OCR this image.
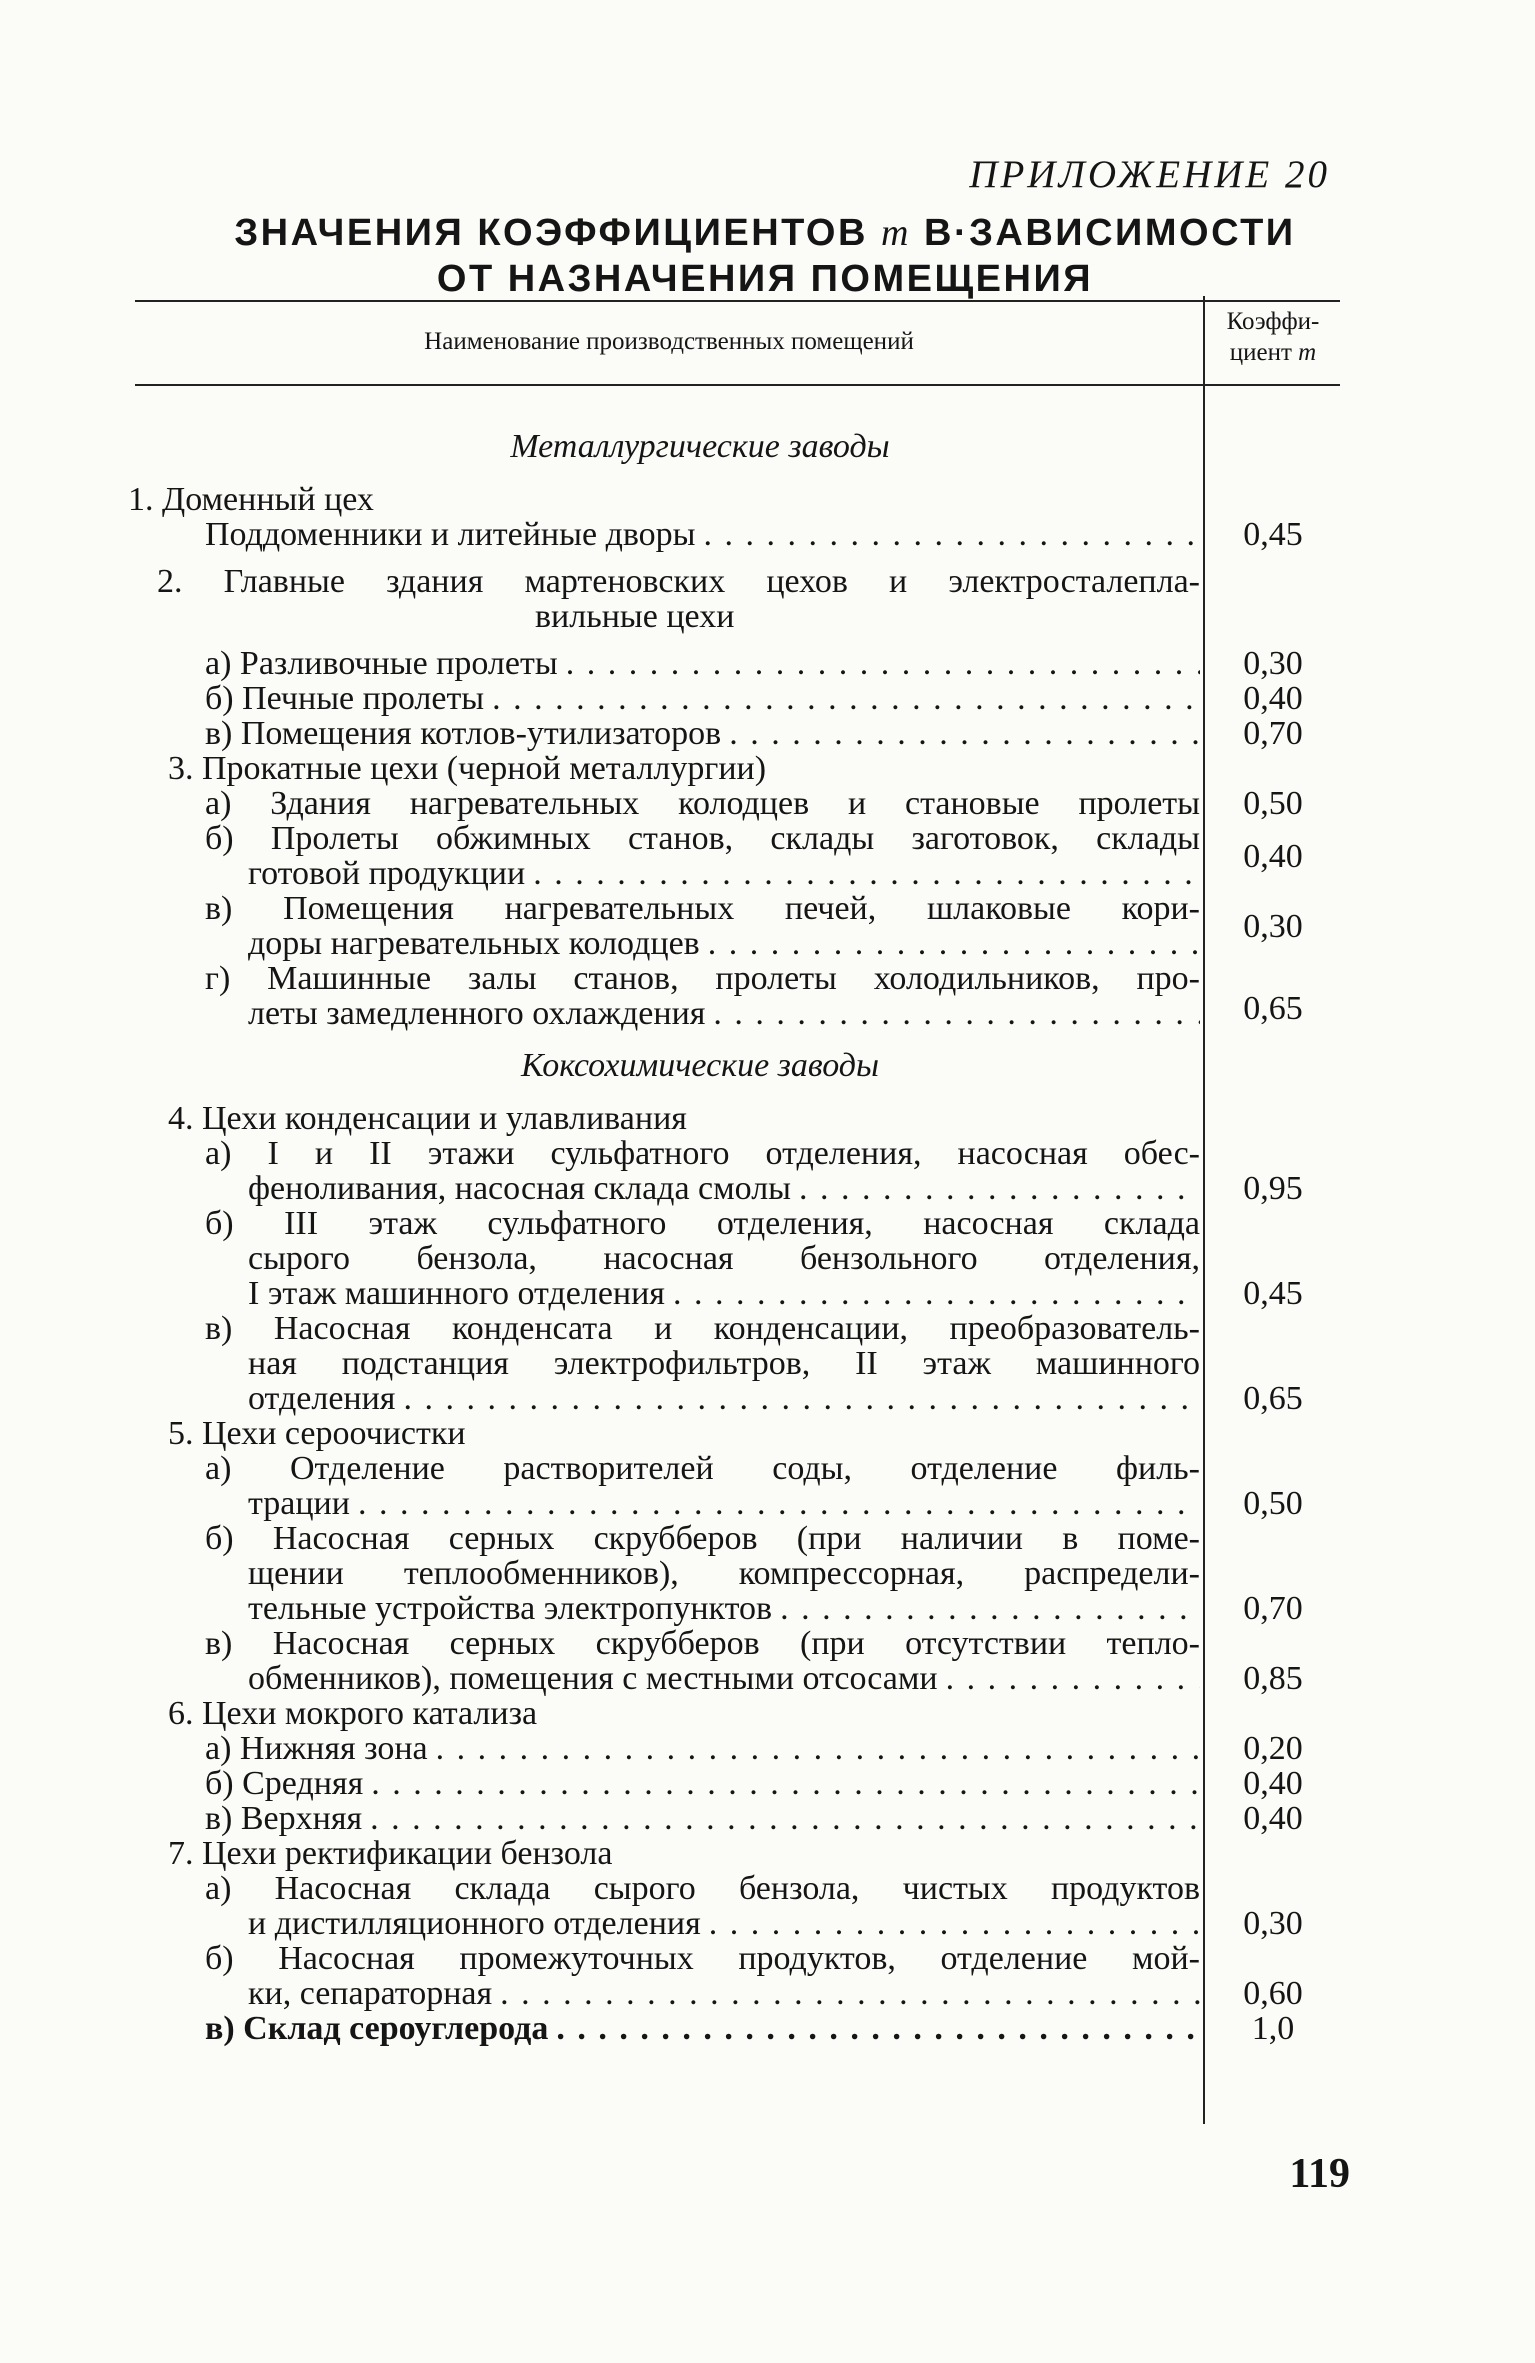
ПРИЛОЖЕНИЕ 20
ЗНАЧЕНИЯ КОЭФФИЦИЕНТОВ m В·ЗАВИСИМОСТИ
ОТ НАЗНАЧЕНИЯ ПОМЕЩЕНИЯ
Наименование производственных помещений
Коэффи-
циент m
Металлургические заводы
1. Доменный цех
Поддоменники и литейные дворы . . .	0,45
2. Главные здания мартеновских цехов и электросталепла-
вильные цехи
а) Разливочные пролеты . . .	0,30
б) Печные пролеты . . .	0,40
в) Помещения котлов-утилизаторов . . .	0,70
3. Прокатные цехи (черной металлургии)
а) Здания нагревательных колодцев и становые пролеты	0,50
б) Пролеты обжимных станов, склады заготовок, склады
готовой продукции . . .	0,40
в) Помещения нагревательных печей, шлаковые кори-
доры нагревательных колодцев . . .	0,30
г) Машинные залы станов, пролеты холодильников, про-
леты замедленного охлаждения . . .	0,65
Коксохимические заводы
4. Цехи конденсации и улавливания
а) I и II этажи сульфатного отделения, насосная обес-
феноливания, насосная склада смолы . . .	0,95
б) III этаж сульфатного отделения, насосная склада
сырого бензола, насосная бензольного отделения,
I этаж машинного отделения . . .	0,45
в) Насосная конденсата и конденсации, преобразователь-
ная подстанция электрофильтров, II этаж машинного
отделения . . .	0,65
5. Цехи сероочистки
а) Отделение растворителей соды, отделение филь-
трации . . .	0,50
б) Насосная серных скрубберов (при наличии в поме-
щении теплообменников), компрессорная, распредели-
тельные устройства электропунктов . . .	0,70
в) Насосная серных скрубберов (при отсутствии тепло-
обменников), помещения с местными отсосами . . .	0,85
6. Цехи мокрого катализа
а) Нижняя зона . . .	0,20
б) Средняя . . .	0,40
в) Верхняя . . .	0,40
7. Цехи ректификации бензола
а) Насосная склада сырого бензола, чистых продуктов
и дистилляционного отделения . . .	0,30
б) Насосная промежуточных продуктов, отделение мой-
ки, сепараторная . . .	0,60
в) Склад сероуглерода . . .	1,0
119
